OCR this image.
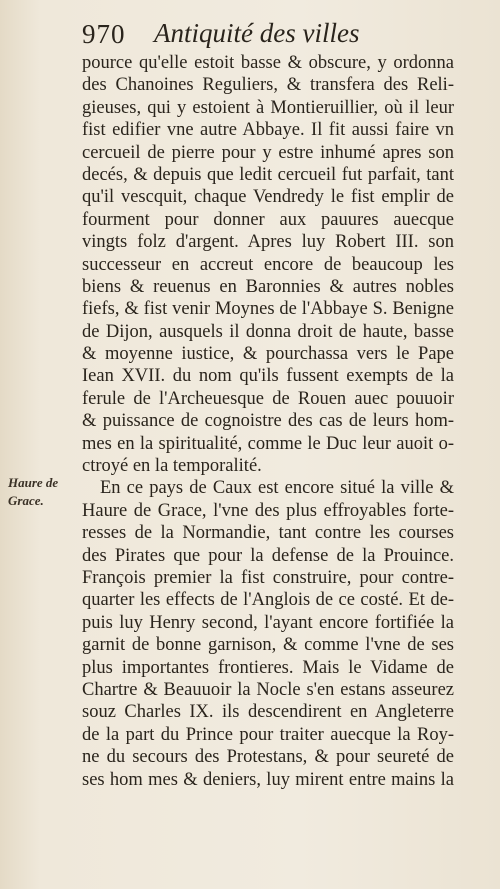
970 Antiquité des villes
Haure de
Grace.
pource qu'elle estoit basse & obscure, y ordonna
des Chanoines Reguliers, & transfera des Reli-
gieuses, qui y estoient à Montieruillier, où il leur
fist edifier vne autre Abbaye. Il fit aussi faire vn
cercueil de pierre pour y estre inhumé apres son
decés, & depuis que ledit cercueil fut parfait, tant
qu'il vescquit, chaque Vendredy le fist emplir de
fourment pour donner aux pauures auecque
vingts folz d'argent. Apres luy Robert III. son
successeur en accreut encore de beaucoup les
biens & reuenus en Baronnies & autres nobles
fiefs, & fist venir Moynes de l'Abbaye S. Benigne
de Dijon, ausquels il donna droit de haute, basse
& moyenne iustice, & pourchassa vers le Pape
Iean XVII. du nom qu'ils fussent exempts de la
ferule de l'Archeuesque de Rouen auec pouuoir
& puissance de cognoistre des cas de leurs hom-
mes en la spiritualité, comme le Duc leur auoit o-
ctroyé en la temporalité.
En ce pays de Caux est encore situé la ville &
Haure de Grace, l'vne des plus effroyables forte-
resses de la Normandie, tant contre les courses
des Pirates que pour la defense de la Prouince.
François premier la fist construire, pour contre-
quarter les effects de l'Anglois de ce costé. Et de-
puis luy Henry second, l'ayant encore fortifiée la
garnit de bonne garnison, & comme l'vne de ses
plus importantes frontieres. Mais le Vidame de
Chartre & Beauuoir la Nocle s'en estans asseurez
souz Charles IX. ils descendirent en Angleterre
de la part du Prince pour traiter auecque la Roy-
ne du secours des Protestans, & pour seureté de
ses hom mes & deniers, luy mirent entre mains la
